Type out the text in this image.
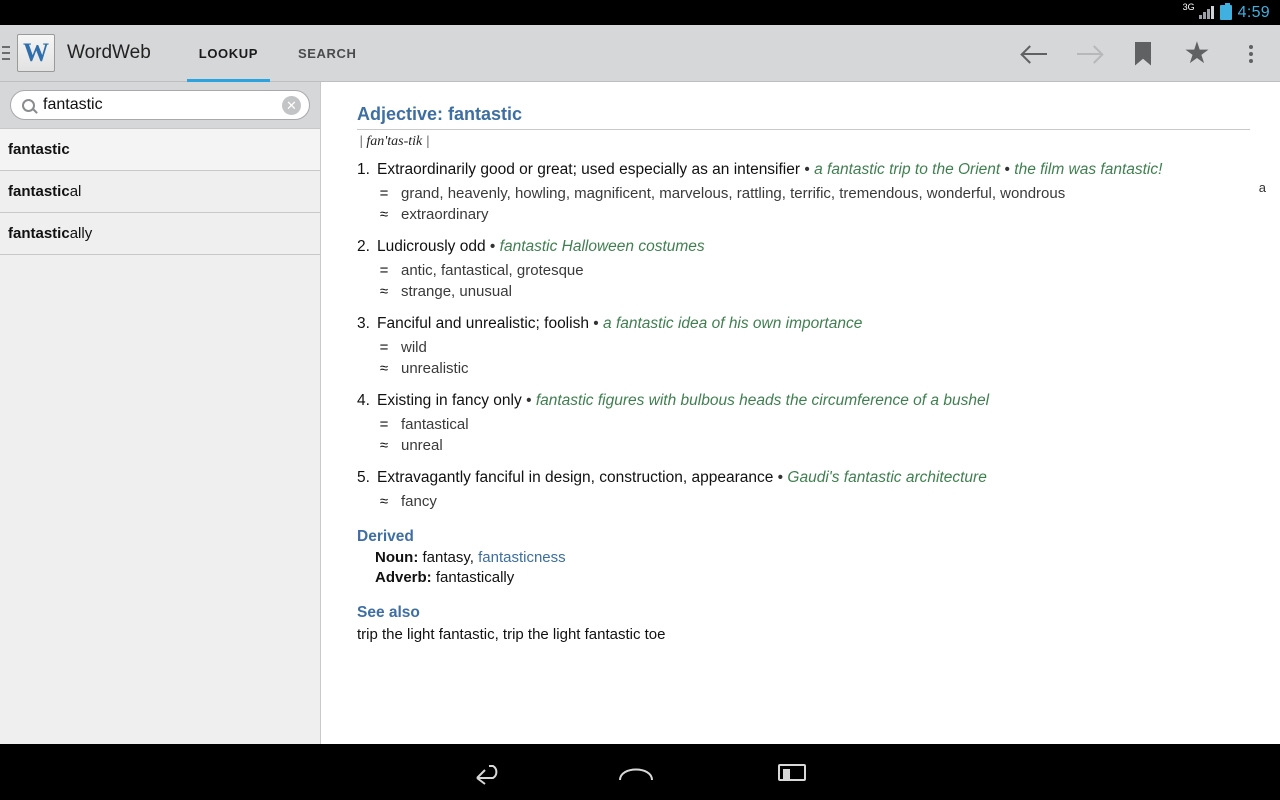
3G	4:59
W WordWeb	LOOKUP	SEARCH	★
fantastic
✕
fantastic
fantastic al
fantastic ally
a
Adjective: fantastic
| fan'tas-tik |
1. Extraordinarily good or great; used especially as an intensifier • a fantastic trip to the Orient • the film was fantastic!
= grand, heavenly, howling, magnificent, marvelous, rattling, terrific, tremendous, wonderful, wondrous
≈ extraordinary
2. Ludicrously odd • fantastic Halloween costumes
= antic, fantastical, grotesque
≈ strange, unusual
3. Fanciful and unrealistic; foolish • a fantastic idea of his own importance
= wild
≈ unrealistic
4. Existing in fancy only • fantastic figures with bulbous heads the circumference of a bushel
= fantastical
≈ unreal
5. Extravagantly fanciful in design, construction, appearance • Gaudi's fantastic architecture
≈ fancy
Derived
Noun: fantasy, fantasticness
Adverb: fantastically
See also
trip the light fantastic, trip the light fantastic toe
